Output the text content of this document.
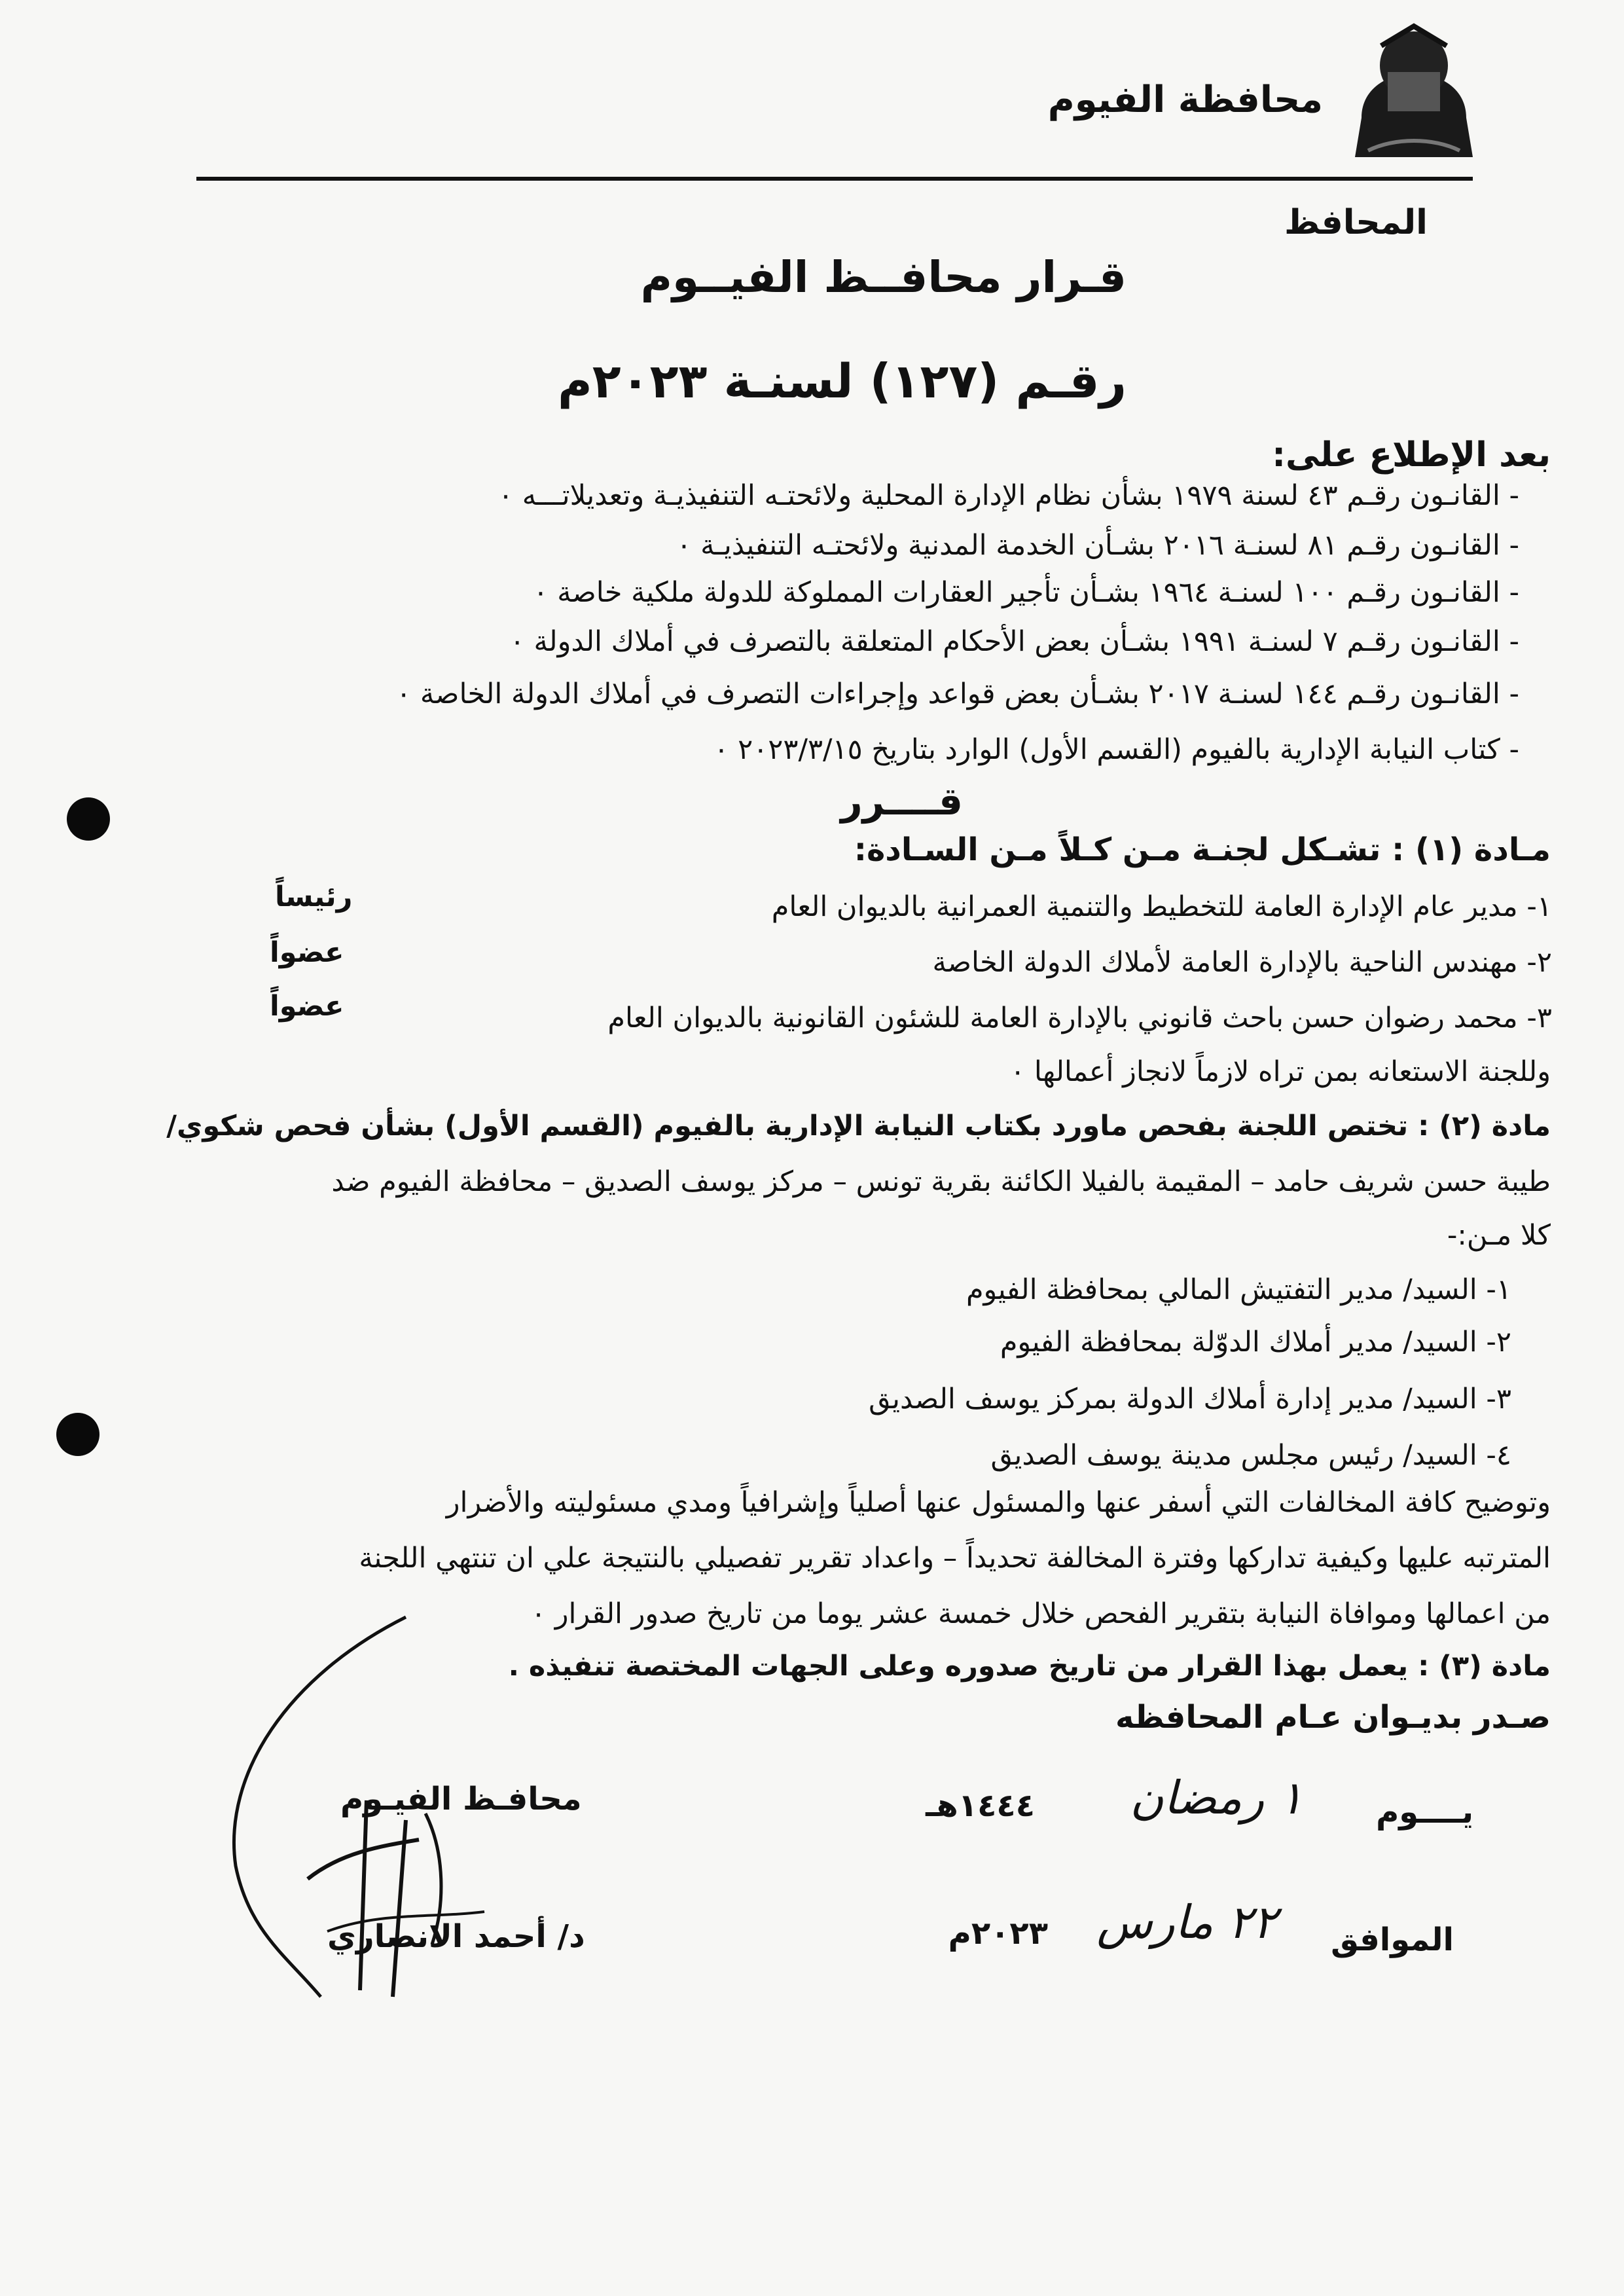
محافظة الفيوم
المحافظ
قـرار محافــظ الفيــوم
رقـم (١٢٧) لسنـة ٢٠٢٣م
بعد الإطلاع على:
- القانـون رقـم ٤٣ لسنة ١٩٧٩ بشأن نظام الإدارة المحلية ولائحتـه التنفيذيـة وتعديلاتـــه ٠
- القانـون رقـم ٨١ لسنـة ٢٠١٦ بشـأن الخدمة المدنية ولائحتـه التنفيذيـة ٠
- القانـون رقـم ١٠٠ لسنـة ١٩٦٤ بشـأن تأجير العقارات المملوكة للدولة ملكية خاصة ٠
- القانـون رقـم ٧ لسنـة ١٩٩١ بشـأن بعض الأحكام المتعلقة بالتصرف في أملاك الدولة ٠
- القانـون رقـم ١٤٤ لسنـة ٢٠١٧ بشـأن بعض قواعد وإجراءات التصرف في أملاك الدولة الخاصة ٠
- كتاب النيابة الإدارية بالفيوم (القسم الأول) الوارد بتاريخ ٢٠٢٣/٣/١٥ ٠
قــــرر
مـادة (١) : تشـكل لجنـة مـن كـلاً مـن السـادة:
١- مدير عام الإدارة العامة للتخطيط والتنمية العمرانية بالديوان العام
رئيساً
٢- مهندس الناحية بالإدارة العامة لأملاك الدولة الخاصة
عضواً
٣- محمد رضوان حسن
باحث قانوني بالإدارة العامة للشئون القانونية بالديوان العام
عضواً
وللجنة الاستعانه بمن تراه لازماً لانجاز أعمالها ٠
مادة (٢) : تختص اللجنة بفحص ماورد بكتاب النيابة الإدارية بالفيوم (القسم الأول) بشأن فحص شكوي/
طيبة حسن شريف حامد – المقيمة بالفيلا الكائنة بقرية تونس – مركز يوسف الصديق – محافظة الفيوم ضد
كلا مـن:-
١- السيد/ مدير التفتيش المالي بمحافظة الفيوم
٢- السيد/ مدير أملاك الدوّلة بمحافظة الفيوم
٣- السيد/ مدير إدارة أملاك الدولة بمركز يوسف الصديق
٤- السيد/ رئيس مجلس مدينة يوسف الصديق
وتوضيح كافة المخالفات التي أسفر عنها والمسئول عنها أصلياً وإشرافياً ومدي مسئوليته والأضرار
المترتبه عليها وكيفية تداركها وفترة المخالفة تحديداً – واعداد تقرير تفصيلي بالنتيجة علي ان تنتهي اللجنة
من اعمالها وموافاة النيابة بتقرير الفحص خلال خمسة عشر يوما من تاريخ صدور القرار ٠
مادة (٣) : يعمل بهذا القرار من تاريخ صدوره وعلى الجهات المختصة تنفيذه .
صـدر بديـوان عـام المحافظه
يــــوم
١ رمضان
١٤٤٤هـ
الموافق
٢٢ مارس
٢٠٢٣م
محافـظ الفيـوم
د/ أحمد الانصاري
